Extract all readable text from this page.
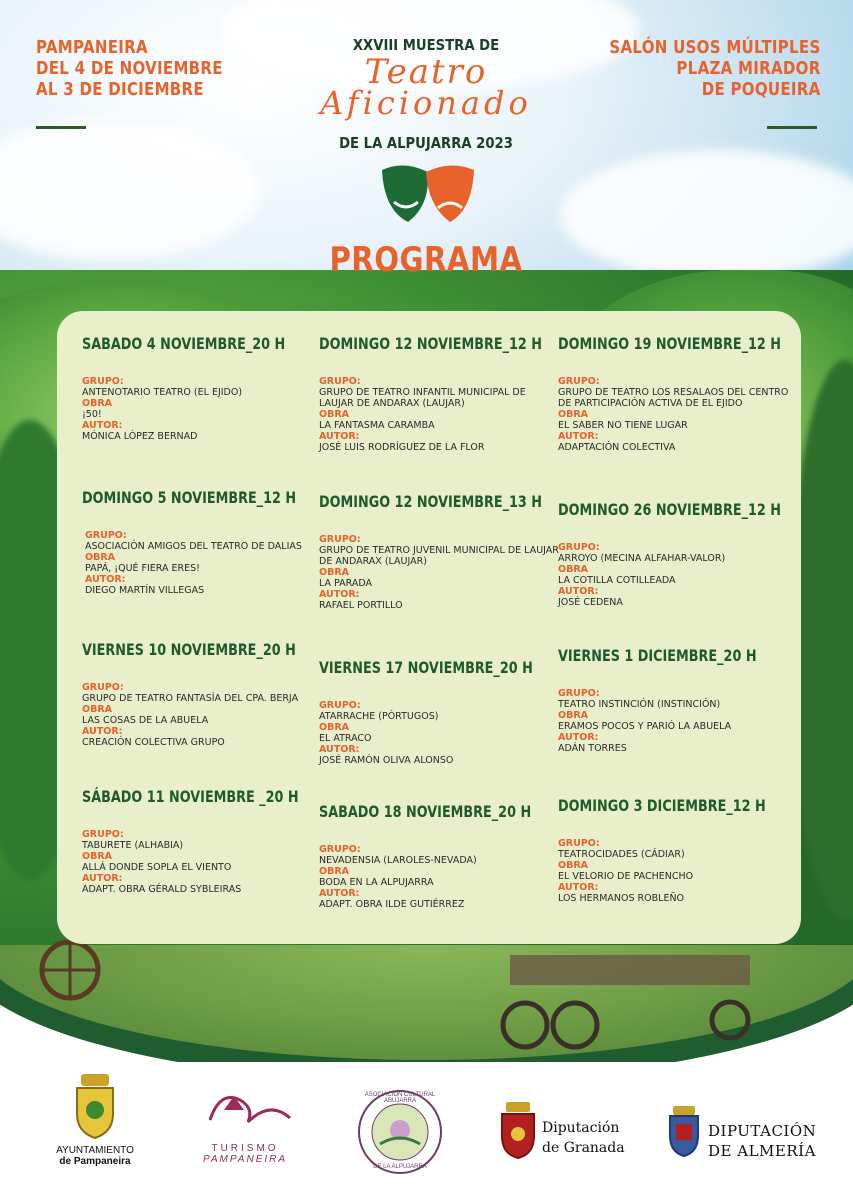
PAMPANEIRA
DEL 4 DE NOVIEMBRE
AL 3 DE DICIEMBRE
SALÓN USOS MÚLTIPLES
PLAZA MIRADOR
DE POQUEIRA
XXVIII MUESTRA DE
Teatro
Aficionado
DE LA ALPUJARRA 2023
PROGRAMA
SABADO 4 NOVIEMBRE_20 H
GRUPO:
ANTENOTARIO TEATRO (EL EJIDO)
OBRA
¡50!
AUTOR:
MÓNICA LÓPEZ BERNAD
DOMINGO 5 NOVIEMBRE_12 H
GRUPO:
ASOCIACIÓN AMIGOS DEL TEATRO DE DALIAS
OBRA
PAPÁ, ¡QUÉ FIERA ERES!
AUTOR:
DIEGO MARTÍN VILLEGAS
VIERNES 10 NOVIEMBRE_20 H
GRUPO:
GRUPO DE TEATRO FANTASÍA DEL CPA. BERJA
OBRA
LAS COSAS DE LA ABUELA
AUTOR:
CREACIÓN COLECTIVA GRUPO
SÁBADO 11 NOVIEMBRE _20 H
GRUPO:
TABURETE (ALHABIA)
OBRA
ALLÁ DONDE SOPLA EL VIENTO
AUTOR:
ADAPT. OBRA GÉRALD SYBLEIRAS
DOMINGO 12 NOVIEMBRE_12 H
GRUPO:
GRUPO DE TEATRO INFANTIL MUNICIPAL DE LAUJAR DE ANDARAX (LAUJAR)
OBRA
LA FANTASMA CARAMBA
AUTOR:
JOSÉ LUIS RODRÍGUEZ DE LA FLOR
DOMINGO 12 NOVIEMBRE_13 H
GRUPO:
GRUPO DE TEATRO JUVENIL MUNICIPAL DE LAUJAR DE ANDARAX (LAUJAR)
OBRA
LA PARADA
AUTOR:
RAFAEL PORTILLO
VIERNES 17 NOVIEMBRE_20 H
GRUPO:
ATARRACHE (PÓRTUGOS)
OBRA
EL ATRACO
AUTOR:
JOSÉ RAMÓN OLIVA ALONSO
SABADO 18 NOVIEMBRE_20 H
GRUPO:
NEVADENSIA (LAROLES-NEVADA)
OBRA
BODA EN LA ALPUJARRA
AUTOR:
ADAPT. OBRA ILDE GUTIÉRREZ
DOMINGO 19 NOVIEMBRE_12 H
GRUPO:
GRUPO DE TEATRO LOS RESALAOS DEL CENTRO DE PARTICIPACIÓN ACTIVA DE EL EJIDO
OBRA
EL SABER NO TIENE LUGAR
AUTOR:
ADAPTACIÓN COLECTIVA
DOMINGO 26 NOVIEMBRE_12 H
GRUPO:
ARROYO (MECINA ALFAHAR-VALOR)
OBRA
LA COTILLA COTILLEADA
AUTOR:
JOSÉ CEDENA
VIERNES 1 DICIEMBRE_20 H
GRUPO:
TEATRO INSTINCIÓN (INSTINCIÓN)
OBRA
ERAMOS POCOS Y PARIÓ LA ABUELA
AUTOR:
ADÁN TORRES
DOMINGO 3 DICIEMBRE_12 H
GRUPO:
TEATROCIDADES (CÁDIAR)
OBRA
EL VELORIO DE PACHENCHO
AUTOR:
LOS HERMANOS ROBLEÑO
AYUNTAMIENTO
de Pampaneira
TURISMO
PAMPANEIRA
ASOCIACIÓN CULTURAL ABUJARRA
DE LA ALPUJARRA
Diputación
de Granada
DIPUTACIÓN
DE ALMERÍA
